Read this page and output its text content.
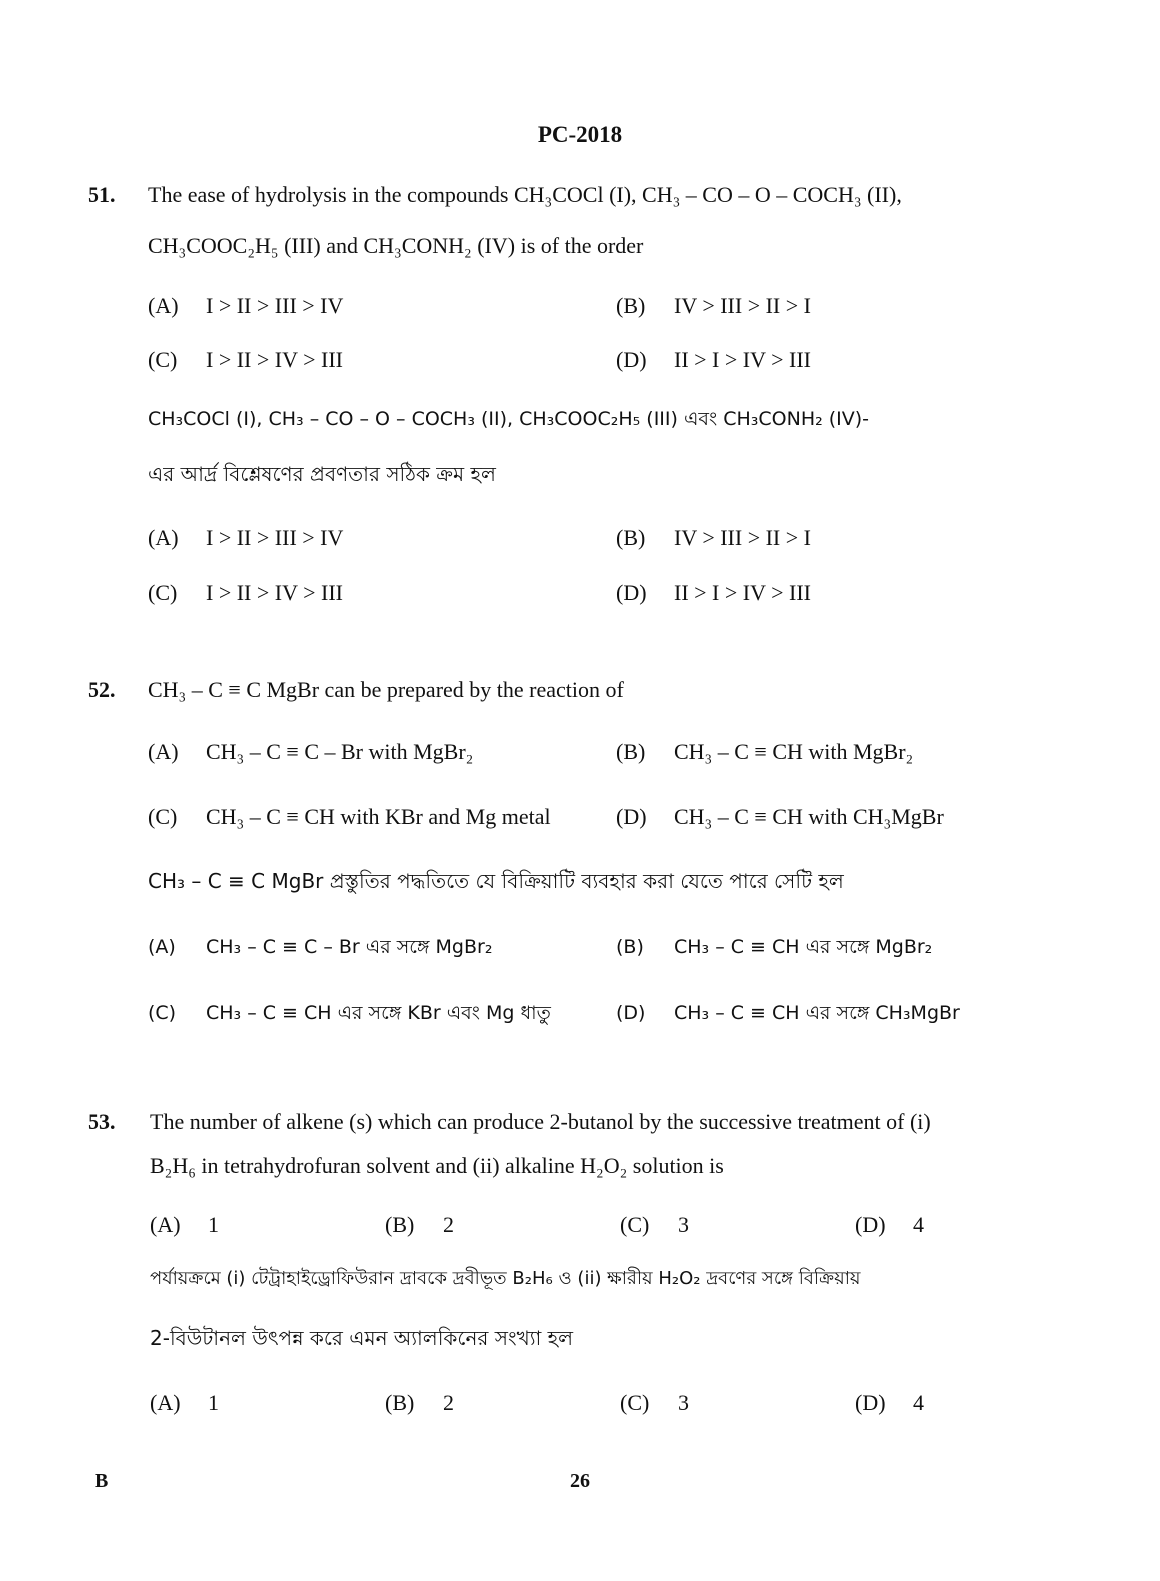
PC-2018
51. The ease of hydrolysis in the compounds CH₃COCl (I), CH₃ – CO – O – COCH₃ (II),
CH₃COOC₂H₅ (III) and CH₃CONH₂ (IV) is of the order
(A) I > II > III > IV	(B) IV > III > II > I
(C) I > II > IV > III	(D) II > I > IV > III
CH₃COCl (I), CH₃ – CO – O – COCH₃ (II), CH₃COOC₂H₅ (III) এবং CH₃CONH₂ (IV)-
এর আর্দ্র বিশ্লেষণের প্রবণতার সঠিক ক্রম হল
(A) I > II > III > IV	(B) IV > III > II > I
(C) I > II > IV > III	(D) II > I > IV > III
52. CH₃ – C ≡ C MgBr can be prepared by the reaction of
(A) CH₃ – C ≡ C – Br with MgBr₂	(B) CH₃ – C ≡ CH with MgBr₂
(C) CH₃ – C ≡ CH with KBr and Mg metal	(D) CH₃ – C ≡ CH with CH₃MgBr
CH₃ – C ≡ C MgBr প্রস্তুতির পদ্ধতিতে যে বিক্রিয়াটি ব্যবহার করা যেতে পারে সেটি হল
(A) CH₃ – C ≡ C – Br এর সঙ্গে MgBr₂	(B) CH₃ – C ≡ CH এর সঙ্গে MgBr₂
(C) CH₃ – C ≡ CH এর সঙ্গে KBr এবং Mg ধাতু	(D) CH₃ – C ≡ CH এর সঙ্গে CH₃MgBr
53. The number of alkene (s) which can produce 2-butanol by the successive treatment of (i)
B₂H₆ in tetrahydrofuran solvent and (ii) alkaline H₂O₂ solution is
(A) 1	(B) 2	(C) 3	(D) 4
পর্যায়ক্রমে (i) টেট্রাহাইড্রোফিউরান দ্রাবকে দ্রবীভূত B₂H₆ ও (ii) ক্ষারীয় H₂O₂ দ্রবণের সঙ্গে বিক্রিয়ায়
2-বিউটানল উৎপন্ন করে এমন অ্যালকিনের সংখ্যা হল
(A) 1	(B) 2	(C) 3	(D) 4
B	26
